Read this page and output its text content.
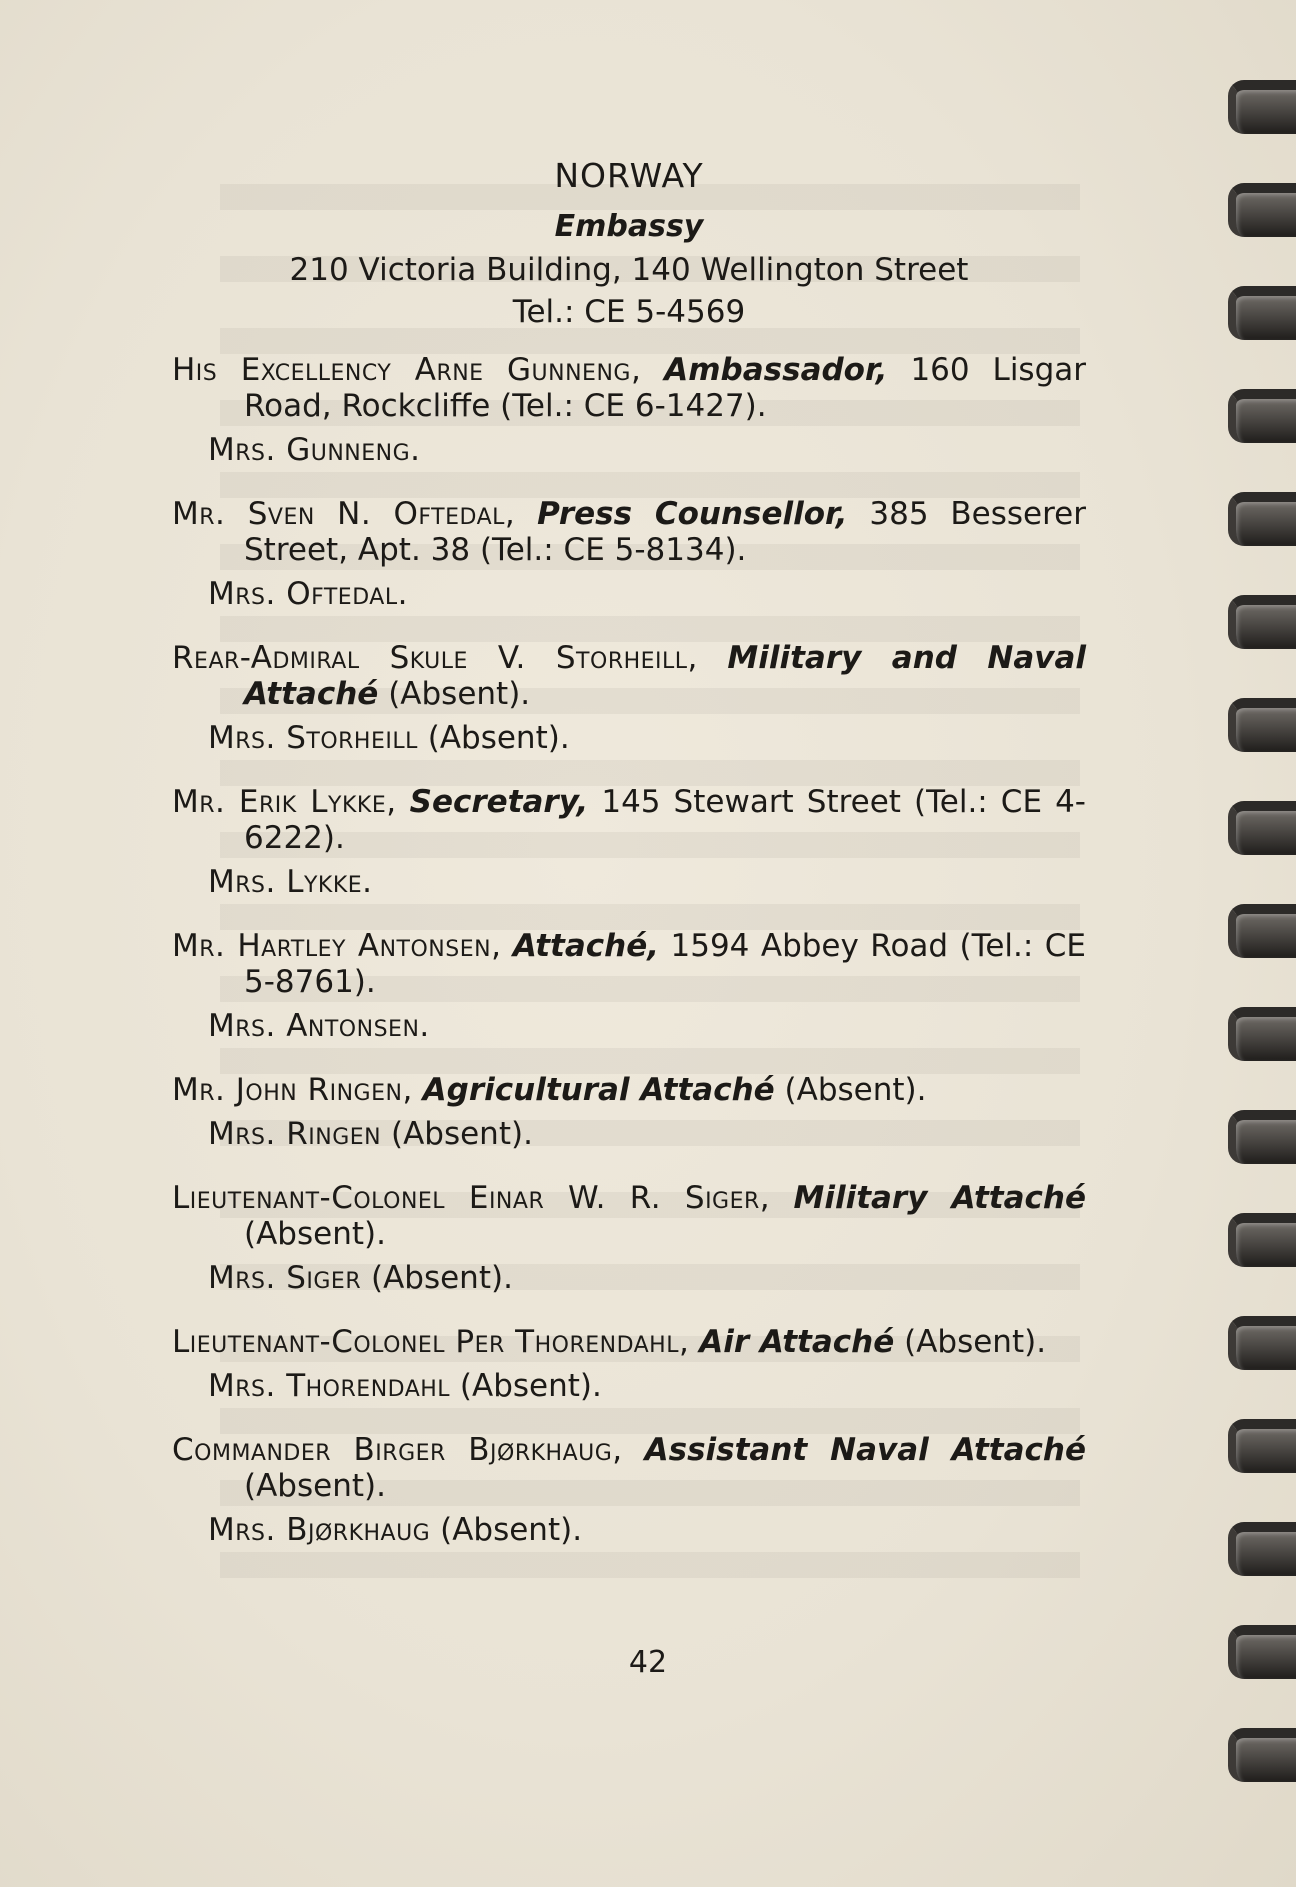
NORWAY
Embassy
210 Victoria Building, 140 Wellington Street
Tel.: CE 5-4569
His Excellency Arne Gunneng, Ambassador, 160 Lisgar Road, Rockcliffe (Tel.: CE 6-1427).
Mrs. Gunneng.
Mr. Sven N. Oftedal, Press Counsellor, 385 Besserer Street, Apt. 38 (Tel.: CE 5-8134).
Mrs. Oftedal.
Rear-Admiral Skule V. Storheill, Military and Naval Attaché (Absent).
Mrs. Storheill (Absent).
Mr. Erik Lykke, Secretary, 145 Stewart Street (Tel.: CE 4-6222).
Mrs. Lykke.
Mr. Hartley Antonsen, Attaché, 1594 Abbey Road (Tel.: CE 5-8761).
Mrs. Antonsen.
Mr. John Ringen, Agricultural Attaché (Absent).
Mrs. Ringen (Absent).
Lieutenant-Colonel Einar W. R. Siger, Military Attaché (Absent).
Mrs. Siger (Absent).
Lieutenant-Colonel Per Thorendahl, Air Attaché (Absent).
Mrs. Thorendahl (Absent).
Commander Birger Bjørkhaug, Assistant Naval Attaché (Absent).
Mrs. Bjørkhaug (Absent).
42
